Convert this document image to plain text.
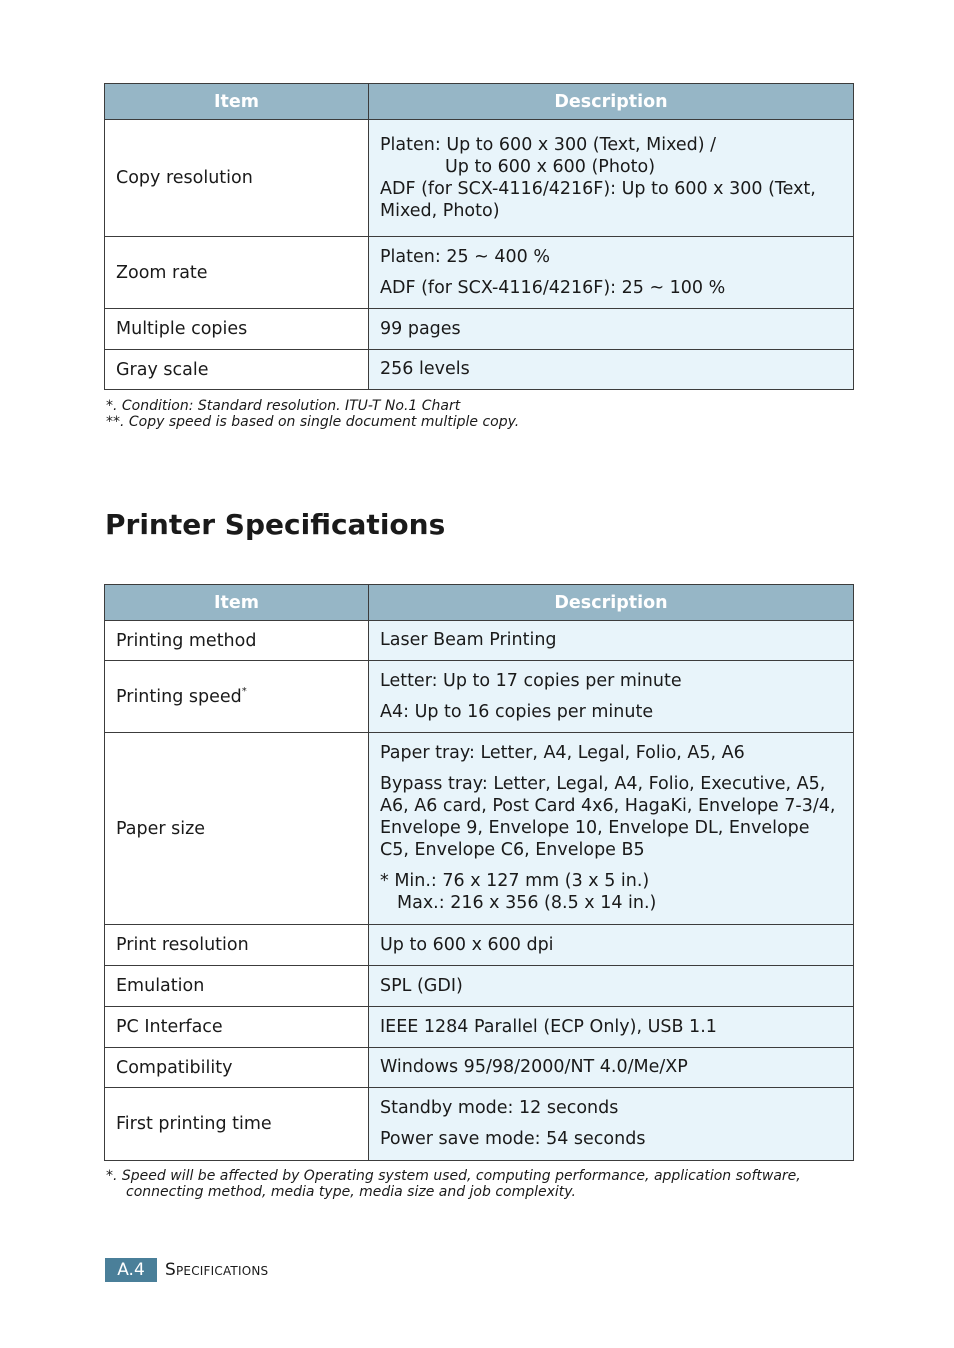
Item	Description
Copy resolution	Platen: Up to 600 x 300 (Text, Mixed) /

Up to 600 x 600 (Photo)

ADF (for SCX-4116/4216F): Up to 600 x 300 (Text, Mixed, Photo)

Zoom rate	Platen: 25 ~ 400 %

ADF (for SCX-4116/4216F): 25 ~ 100 %

Multiple copies	99 pages

Gray scale	256 levels

*. Condition: Standard resolution. ITU-T No.1 Chart

**. Copy speed is based on single document multiple copy.

Printer Specifications
Item	Description
Printing method	Laser Beam Printing

Printing speed*	Letter: Up to 17 copies per minute

A4: Up to 16 copies per minute

Paper size	Paper tray: Letter, A4, Legal, Folio, A5, A6

Bypass tray: Letter, Legal, A4, Folio, Executive, A5, A6, A6 card, Post Card 4x6, HagaKi, Envelope 7-3/4, Envelope 9, Envelope 10, Envelope DL, Envelope C5, Envelope C6, Envelope B5

* Min.: 76 x 127 mm (3 x 5 in.)

Max.: 216 x 356 (8.5 x 14 in.)

Print resolution	Up to 600 x 600 dpi

Emulation	SPL (GDI)

PC Interface	IEEE 1284 Parallel (ECP Only), USB 1.1

Compatibility	Windows 95/98/2000/NT 4.0/Me/XP

First printing time	Standby mode: 12 seconds

Power save mode: 54 seconds

*. Speed will be affected by Operating system used, computing performance, application software, connecting method, media type, media size and job complexity.

A.4	Specifications
